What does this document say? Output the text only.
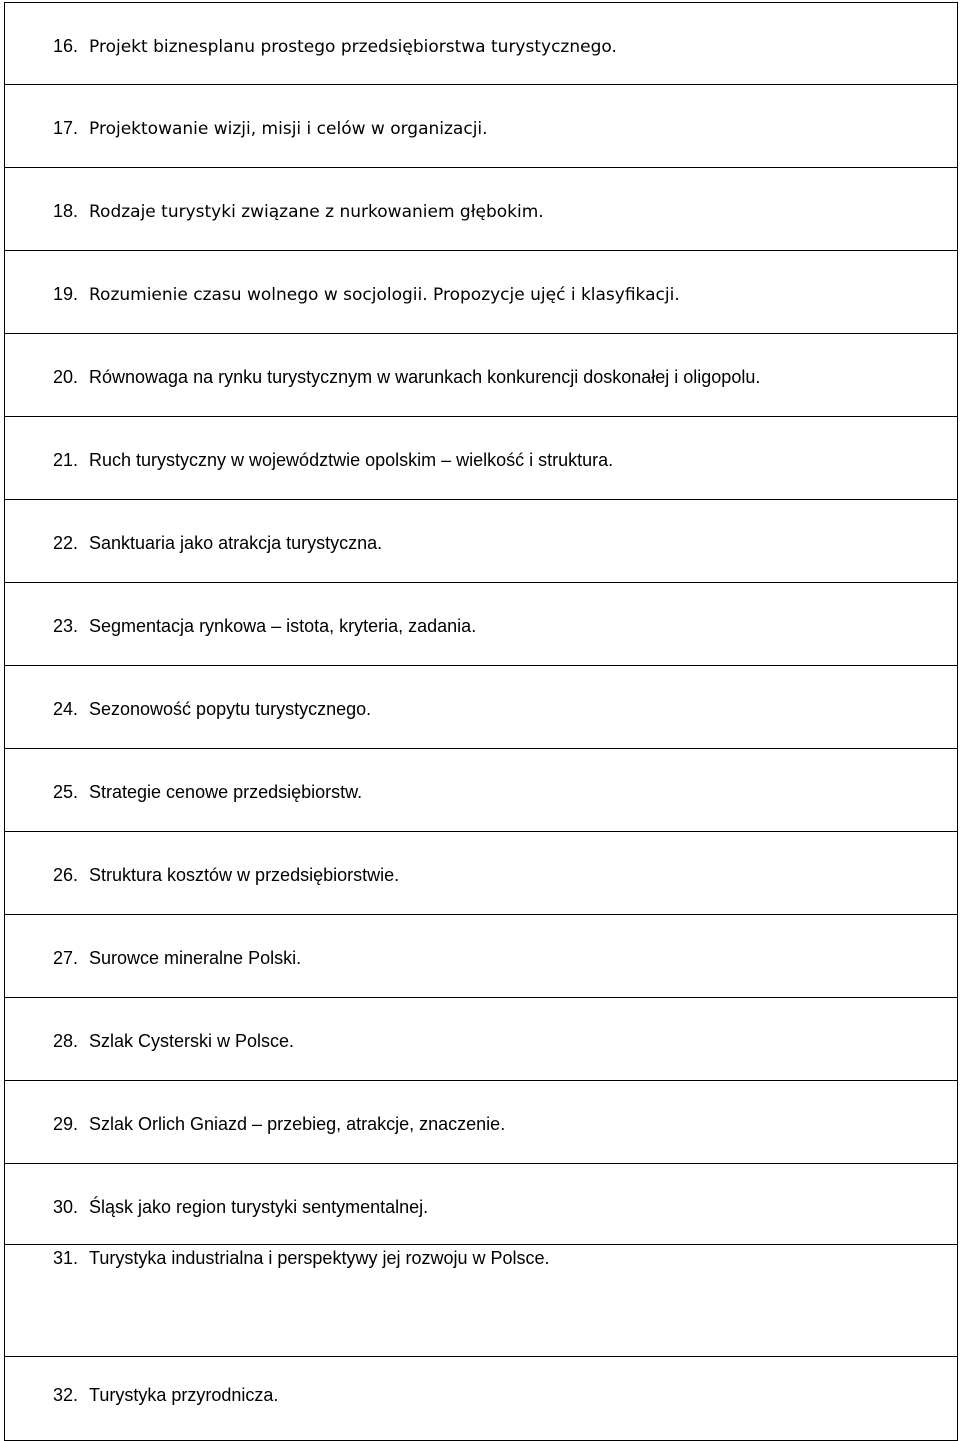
16. Projekt biznesplanu prostego przedsiębiorstwa turystycznego.
17. Projektowanie wizji, misji i celów w organizacji.
18. Rodzaje turystyki związane z nurkowaniem głębokim.
19. Rozumienie czasu wolnego w socjologii. Propozycje ujęć i klasyfikacji.
20. Równowaga na rynku turystycznym w warunkach konkurencji doskonałej i oligopolu.
21. Ruch turystyczny w województwie opolskim – wielkość i struktura.
22. Sanktuaria jako atrakcja turystyczna.
23. Segmentacja rynkowa – istota, kryteria, zadania.
24. Sezonowość popytu turystycznego.
25. Strategie cenowe przedsiębiorstw.
26. Struktura kosztów w przedsiębiorstwie.
27. Surowce mineralne Polski.
28. Szlak Cysterski w Polsce.
29. Szlak Orlich Gniazd – przebieg, atrakcje, znaczenie.
30. Śląsk jako region turystyki sentymentalnej.
31. Turystyka industrialna i perspektywy jej rozwoju w Polsce.
32. Turystyka przyrodnicza.
